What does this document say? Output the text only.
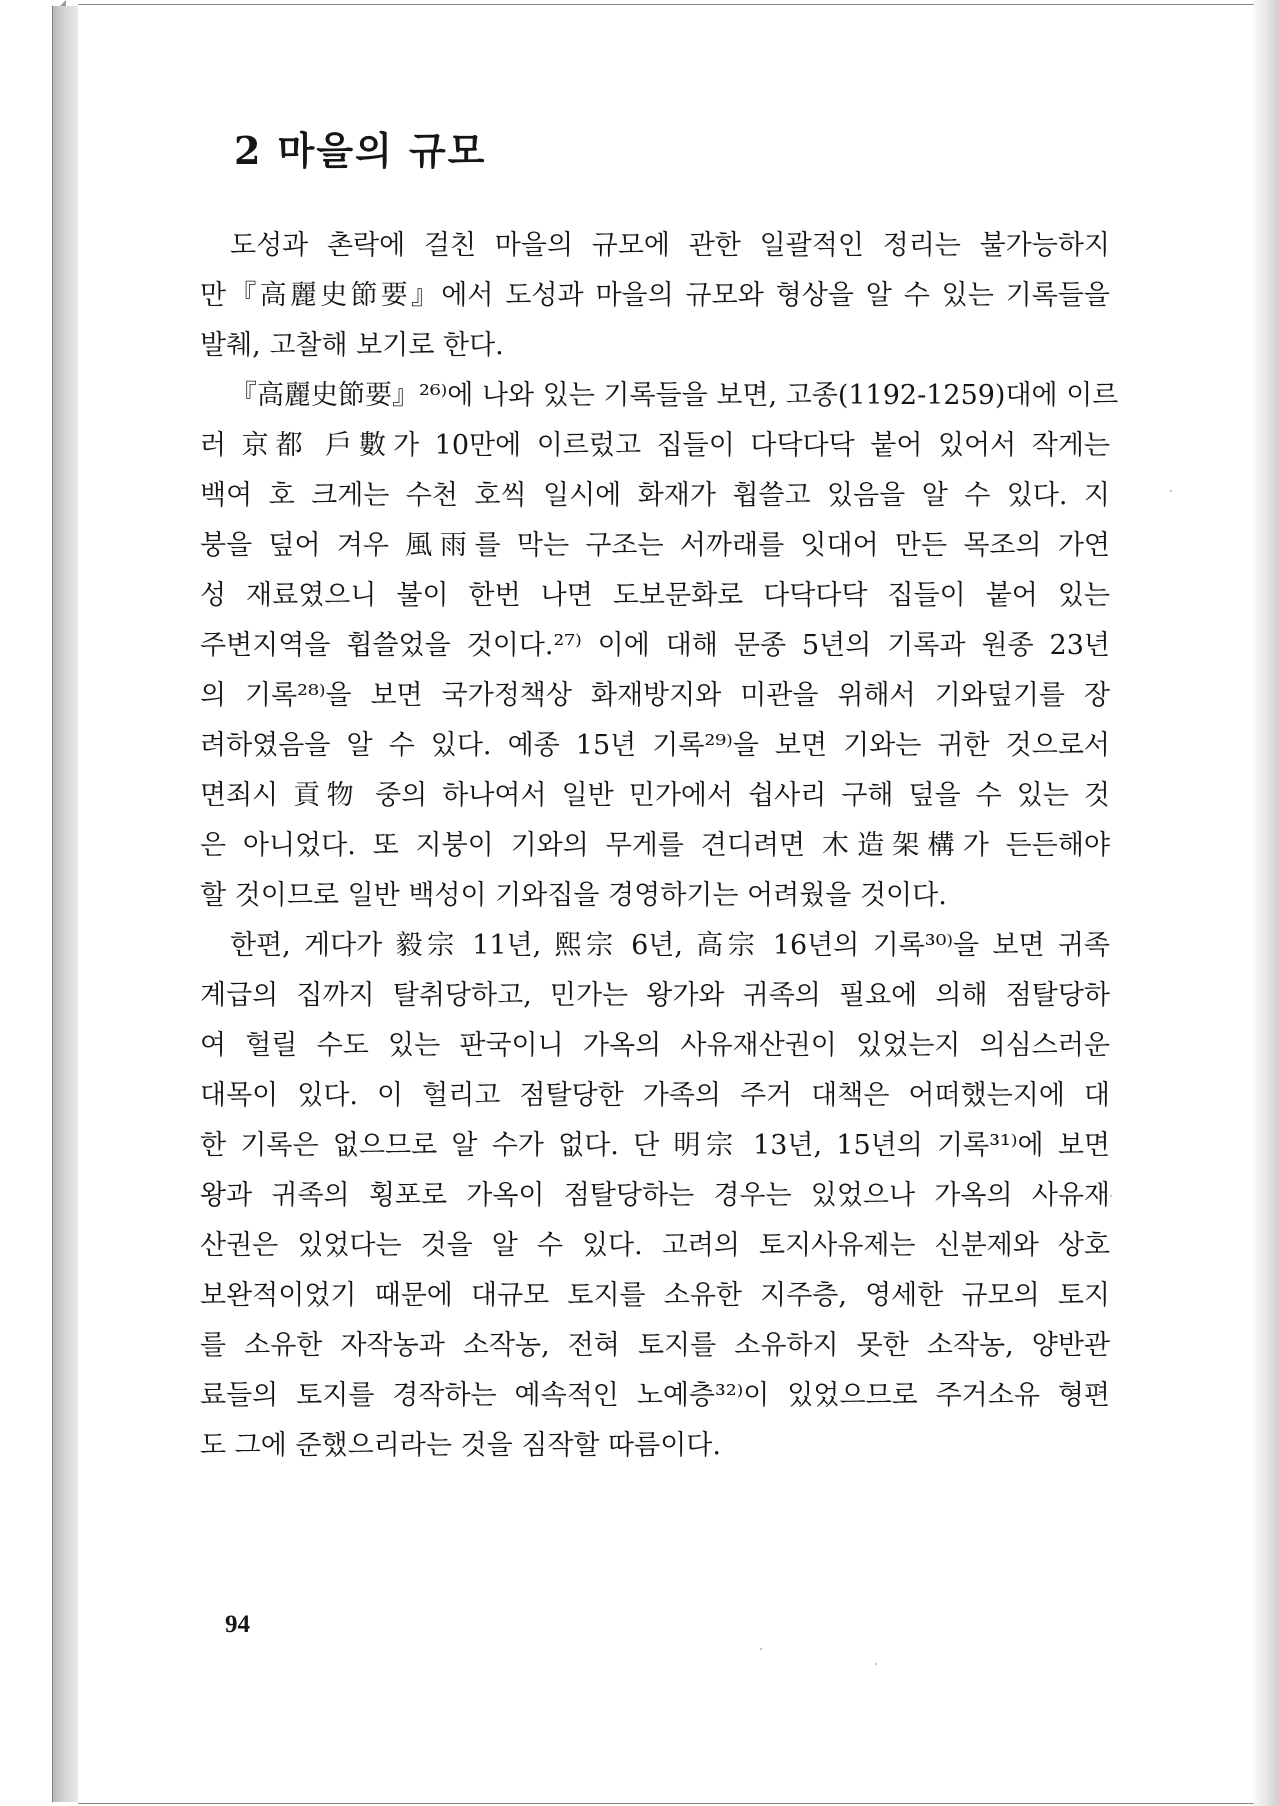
2 마을의 규모
도성과 촌락에 걸친 마을의 규모에 관한 일괄적인 정리는 불가능하지
만『高麗史節要』에서 도성과 마을의 규모와 형상을 알 수 있는 기록들을
발췌, 고찰해 보기로 한다.
『高麗史節要』²⁶⁾에 나와 있는 기록들을 보면, 고종(1192-1259)대에 이르
러 京都 戶數가 10만에 이르렀고 집들이 다닥다닥 붙어 있어서 작게는
백여 호 크게는 수천 호씩 일시에 화재가 휩쓸고 있음을 알 수 있다. 지
붕을 덮어 겨우 風雨를 막는 구조는 서까래를 잇대어 만든 목조의 가연
성 재료였으니 불이 한번 나면 도보문화로 다닥다닥 집들이 붙어 있는
주변지역을 휩쓸었을 것이다.²⁷⁾ 이에 대해 문종 5년의 기록과 원종 23년
의 기록²⁸⁾을 보면 국가정책상 화재방지와 미관을 위해서 기와덮기를 장
려하였음을 알 수 있다. 예종 15년 기록²⁹⁾을 보면 기와는 귀한 것으로서
면죄시 貢物 중의 하나여서 일반 민가에서 쉽사리 구해 덮을 수 있는 것
은 아니었다. 또 지붕이 기와의 무게를 견디려면 木造架構가 든든해야
할 것이므로 일반 백성이 기와집을 경영하기는 어려웠을 것이다.
한편, 게다가 毅宗 11년, 熙宗 6년, 高宗 16년의 기록³⁰⁾을 보면 귀족
계급의 집까지 탈취당하고, 민가는 왕가와 귀족의 필요에 의해 점탈당하
여 헐릴 수도 있는 판국이니 가옥의 사유재산권이 있었는지 의심스러운
대목이 있다. 이 헐리고 점탈당한 가족의 주거 대책은 어떠했는지에 대
한 기록은 없으므로 알 수가 없다. 단 明宗 13년, 15년의 기록³¹⁾에 보면
왕과 귀족의 횡포로 가옥이 점탈당하는 경우는 있었으나 가옥의 사유재
산권은 있었다는 것을 알 수 있다. 고려의 토지사유제는 신분제와 상호
보완적이었기 때문에 대규모 토지를 소유한 지주층, 영세한 규모의 토지
를 소유한 자작농과 소작농, 전혀 토지를 소유하지 못한 소작농, 양반관
료들의 토지를 경작하는 예속적인 노예층³²⁾이 있었으므로 주거소유 형편
도 그에 준했으리라는 것을 짐작할 따름이다.
94
